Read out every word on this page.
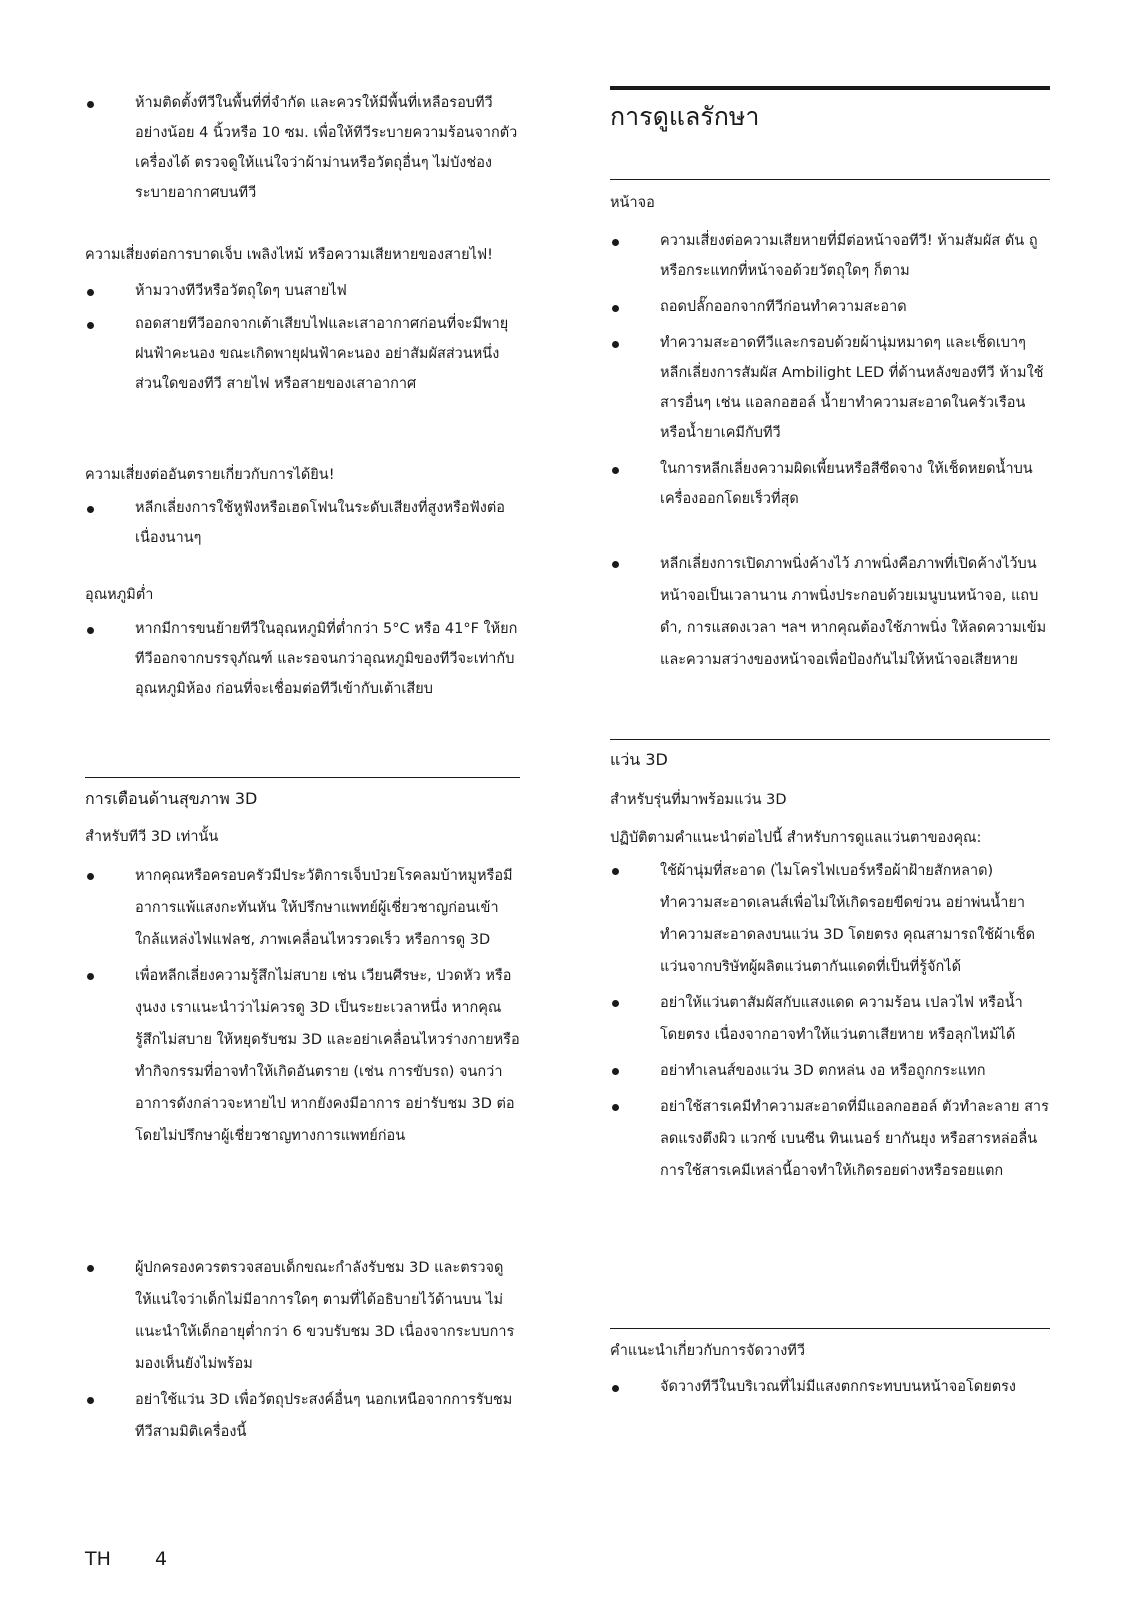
ห้ามติดตั้งทีวีในพื้นที่ที่จำกัด และควรให้มีพื้นที่เหลือรอบทีวีอย่างน้อย 4 นิ้วหรือ 10 ซม. เพื่อให้ทีวีระบายความร้อนจากตัวเครื่องได้ ตรวจดูให้แน่ใจว่าผ้าม่านหรือวัตถุอื่นๆ ไม่บังช่องระบายอากาศบนทีวี

ความเสี่ยงต่อการบาดเจ็บ เพลิงไหม้ หรือความเสียหายของสายไฟ!

ห้ามวางทีวีหรือวัตถุใดๆ บนสายไฟ
ถอดสายทีวีออกจากเต้าเสียบไฟและเสาอากาศก่อนที่จะมีพายุฝนฟ้าคะนอง ขณะเกิดพายุฝนฟ้าคะนอง อย่าสัมผัสส่วนหนึ่งส่วนใดของทีวี สายไฟ หรือสายของเสาอากาศ

ความเสี่ยงต่ออันตรายเกี่ยวกับการได้ยิน!

หลีกเลี่ยงการใช้หูฟังหรือเฮดโฟนในระดับเสียงที่สูงหรือฟังต่อเนื่องนานๆ

อุณหภูมิต่ำ

หากมีการขนย้ายทีวีในอุณหภูมิที่ต่ำกว่า 5°C หรือ 41°F ให้ยกทีวีออกจากบรรจุภัณฑ์ และรอจนกว่าอุณหภูมิของทีวีจะเท่ากับอุณหภูมิห้อง ก่อนที่จะเชื่อมต่อทีวีเข้ากับเต้าเสียบ

การเตือนด้านสุขภาพ 3D

สำหรับทีวี 3D เท่านั้น

หากคุณหรือครอบครัวมีประวัติการเจ็บป่วยโรคลมบ้าหมูหรือมีอาการแพ้แสงกะทันหัน ให้ปรึกษาแพทย์ผู้เชี่ยวชาญก่อนเข้าใกล้แหล่งไฟแฟลช, ภาพเคลื่อนไหวรวดเร็ว หรือการดู 3D
เพื่อหลีกเลี่ยงความรู้สึกไม่สบาย เช่น เวียนศีรษะ, ปวดหัว หรืองุนงง เราแนะนำว่าไม่ควรดู 3D เป็นระยะเวลาหนึ่ง หากคุณรู้สึกไม่สบาย ให้หยุดรับชม 3D และอย่าเคลื่อนไหวร่างกายหรือทำกิจกรรมที่อาจทำให้เกิดอันตราย (เช่น การขับรถ) จนกว่าอาการดังกล่าวจะหายไป หากยังคงมีอาการ อย่ารับชม 3D ต่อโดยไม่ปรึกษาผู้เชี่ยวชาญทางการแพทย์ก่อน
ผู้ปกครองควรตรวจสอบเด็กขณะกำลังรับชม 3D และตรวจดูให้แน่ใจว่าเด็กไม่มีอาการใดๆ ตามที่ได้อธิบายไว้ด้านบน ไม่แนะนำให้เด็กอายุต่ำกว่า 6 ขวบรับชม 3D เนื่องจากระบบการมองเห็นยังไม่พร้อม
อย่าใช้แว่น 3D เพื่อวัตถุประสงค์อื่นๆ นอกเหนือจากการรับชมทีวีสามมิติเครื่องนี้
การดูแลรักษา

หน้าจอ

ความเสี่ยงต่อความเสียหายที่มีต่อหน้าจอทีวี! ห้ามสัมผัส ดัน ถู หรือกระแทกที่หน้าจอด้วยวัตถุใดๆ ก็ตาม
ถอดปลั๊กออกจากทีวีก่อนทำความสะอาด
ทำความสะอาดทีวีและกรอบด้วยผ้านุ่มหมาดๆ และเช็ดเบาๆ หลีกเลี่ยงการสัมผัส Ambilight LED ที่ด้านหลังของทีวี ห้ามใช้สารอื่นๆ เช่น แอลกอฮอล์ น้ำยาทำความสะอาดในครัวเรือน หรือน้ำยาเคมีกับทีวี
ในการหลีกเลี่ยงความผิดเพี้ยนหรือสีซีดจาง ให้เช็ดหยดน้ำบนเครื่องออกโดยเร็วที่สุด
หลีกเลี่ยงการเปิดภาพนิ่งค้างไว้ ภาพนิ่งคือภาพที่เปิดค้างไว้บนหน้าจอเป็นเวลานาน ภาพนิ่งประกอบด้วยเมนูบนหน้าจอ, แถบดำ, การแสดงเวลา ฯลฯ หากคุณต้องใช้ภาพนิ่ง ให้ลดความเข้มและความสว่างของหน้าจอเพื่อป้องกันไม่ให้หน้าจอเสียหาย

แว่น 3D

สำหรับรุ่นที่มาพร้อมแว่น 3D

ปฏิบัติตามคำแนะนำต่อไปนี้ สำหรับการดูแลแว่นตาของคุณ:

ใช้ผ้านุ่มที่สะอาด (ไมโครไฟเบอร์หรือผ้าฝ้ายสักหลาด) ทำความสะอาดเลนส์เพื่อไม่ให้เกิดรอยขีดข่วน อย่าพ่นน้ำยาทำความสะอาดลงบนแว่น 3D โดยตรง คุณสามารถใช้ผ้าเช็ดแว่นจากบริษัทผู้ผลิตแว่นตากันแดดที่เป็นที่รู้จักได้
อย่าให้แว่นตาสัมผัสกับแสงแดด ความร้อน เปลวไฟ หรือน้ำโดยตรง เนื่องจากอาจทำให้แว่นตาเสียหาย หรือลุกไหม้ได้
อย่าทำเลนส์ของแว่น 3D ตกหล่น งอ หรือถูกกระแทก
อย่าใช้สารเคมีทำความสะอาดที่มีแอลกอฮอล์ ตัวทำละลาย สารลดแรงตึงผิว แวกซ์ เบนซีน ทินเนอร์ ยากันยุง หรือสารหล่อลื่น การใช้สารเคมีเหล่านี้อาจทำให้เกิดรอยด่างหรือรอยแตก

คำแนะนำเกี่ยวกับการจัดวางทีวี

จัดวางทีวีในบริเวณที่ไม่มีแสงตกกระทบบนหน้าจอโดยตรง
TH 4
